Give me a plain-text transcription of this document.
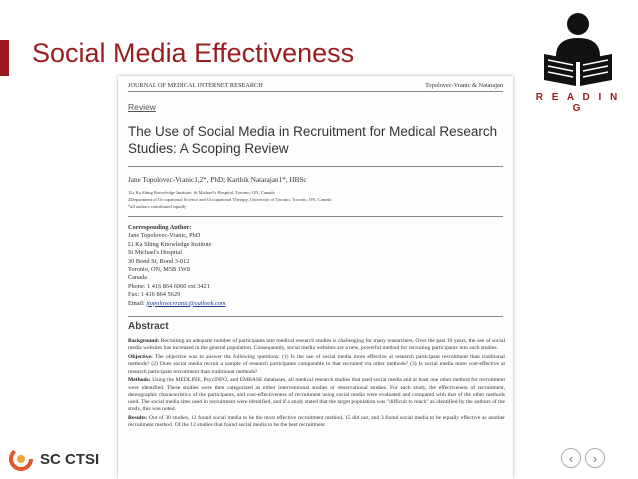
Social Media Effectiveness
R E A D I N G
JOURNAL OF MEDICAL INTERNET RESEARCH	Topolovec-Vranic & Natarajan
Review
The Use of Social Media in Recruitment for Medical Research Studies: A Scoping Review
Jane Topolovec-Vranic1,2*, PhD; Karthik Natarajan1*, HBSc
1Li Ka Shing Knowledge Institute, St Michael's Hospital, Toronto, ON, Canada
2Department of Occupational Science and Occupational Therapy, University of Toronto, Toronto, ON, Canada
*all authors contributed equally
Corresponding Author:
Jane Topolovec-Vranic, PhD
Li Ka Shing Knowledge Institute
St Michael's Hospital
30 Bond St, Bond 3-012
Toronto, ON, M5B 1W8
Canada
Phone: 1 416 864 6060 ext 3421
Fax: 1 416 864 5629
Email: jtopolovecvranic@outlook.com
Abstract

Background: Recruiting an adequate number of participants into medical research studies is challenging for many researchers. Over the past 10 years, the use of social media websites has increased in the general population. Consequently, social media websites are a new, powerful method for recruiting participants into such studies.

Objective: The objective was to answer the following questions: (1) Is the use of social media more effective at research participant recruitment than traditional methods? (2) Does social media recruit a sample of research participants comparable to that recruited via other methods? (3) Is social media more cost-effective at research participant recruitment than traditional methods?

Methods: Using the MEDLINE, PsycINFO, and EMBASE databases, all medical research studies that used social media and at least one other method for recruitment were identified. These studies were then categorized as either interventional studies or observational studies. For each study, the effectiveness of recruitment, demographic characteristics of the participants, and cost-effectiveness of recruitment using social media were evaluated and compared with that of the other methods used. The social media sites used in recruitment were identified, and if a study stated that the target population was "difficult to reach" as identified by the authors of the study, this was noted.

Results: Out of 30 studies, 12 found social media to be the most effective recruitment method, 15 did not, and 3 found social media to be equally effective as another recruitment method. Of the 12 studies that found social media to be the best recruitment

SC CTSI	‹	›
